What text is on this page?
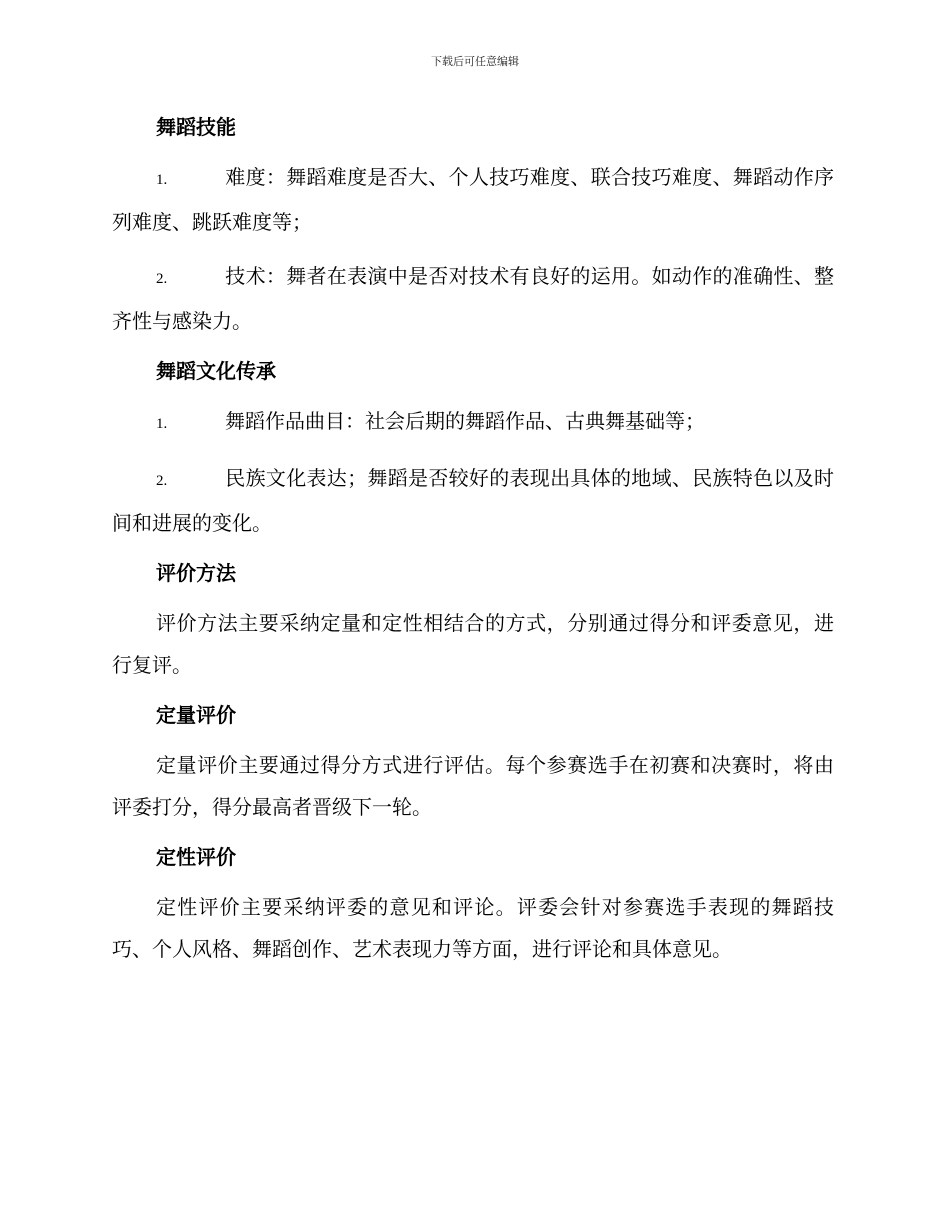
下载后可任意编辑
舞蹈技能

1.	难度：舞蹈难度是否大、个人技巧难度、联合技巧难度、舞蹈动作序列难度、跳跃难度等；

2.	技术：舞者在表演中是否对技术有良好的运用。如动作的准确性、整齐性与感染力。

舞蹈文化传承

1.	舞蹈作品曲目：社会后期的舞蹈作品、古典舞基础等；

2.	民族文化表达；舞蹈是否较好的表现出具体的地域、民族特色以及时间和进展的变化。

评价方法

评价方法主要采纳定量和定性相结合的方式，分别通过得分和评委意见，进行复评。

定量评价

定量评价主要通过得分方式进行评估。每个参赛选手在初赛和决赛时，将由评委打分，得分最高者晋级下一轮。

定性评价

定性评价主要采纳评委的意见和评论。评委会针对参赛选手表现的舞蹈技巧、个人风格、舞蹈创作、艺术表现力等方面，进行评论和具体意见。
